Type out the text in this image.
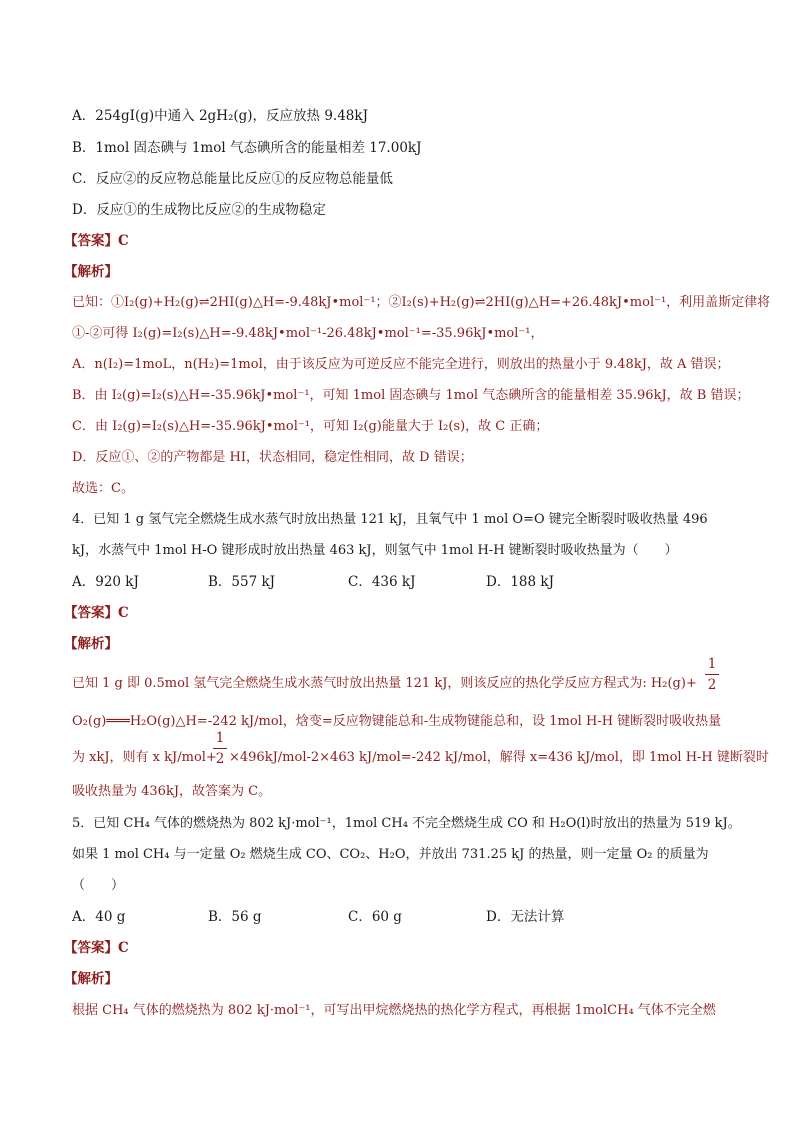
A．254gI(g)中通入 2gH₂(g)，反应放热 9.48kJ
B．1mol 固态碘与 1mol 气态碘所含的能量相差 17.00kJ
C．反应②的反应物总能量比反应①的反应物总能量低
D．反应①的生成物比反应②的生成物稳定
【答案】C
【解析】
已知：①I₂(g)+H₂(g)⇌2HI(g)△H=-9.48kJ•mol⁻¹；②I₂(s)+H₂(g)⇌2HI(g)△H=+26.48kJ•mol⁻¹，利用盖斯定律将
①-②可得 I₂(g)=I₂(s)△H=-9.48kJ•mol⁻¹-26.48kJ•mol⁻¹=-35.96kJ•mol⁻¹，
A．n(I₂)=1moL，n(H₂)=1mol，由于该反应为可逆反应不能完全进行，则放出的热量小于 9.48kJ，故 A 错误；
B．由 I₂(g)=I₂(s)△H=-35.96kJ•mol⁻¹，可知 1mol 固态碘与 1mol 气态碘所含的能量相差 35.96kJ，故 B 错误；
C．由 I₂(g)=I₂(s)△H=-35.96kJ•mol⁻¹，可知 I₂(g)能量大于 I₂(s)，故 C 正确；
D．反应①、②的产物都是 HI，状态相同，稳定性相同，故 D 错误；
故选：C。
4．已知 1 g 氢气完全燃烧生成水蒸气时放出热量 121 kJ，且氧气中 1 mol O=O 键完全断裂时吸收热量 496
kJ，水蒸气中 1mol H-O 键形成时放出热量 463 kJ，则氢气中 1mol H-H 键断裂时吸收热量为（　　）
A．920 kJ	B．557 kJ	C．436 kJ	D．188 kJ
【答案】C
【解析】
已知 1 g 即 0.5mol 氢气完全燃烧生成水蒸气时放出热量 121 kJ，则该反应的热化学反应方程式为: H₂(g)+
1
2
O₂(g)═══H₂O(g)△H=-242 kJ/mol，焓变=反应物键能总和-生成物键能总和，设 1mol H-H 键断裂时吸收热量
为 xkJ，则有 x kJ/mol+
1
2 ×496kJ/mol-2×463 kJ/mol=-242 kJ/mol，解得 x=436 kJ/mol，即 1mol H-H 键断裂时
吸收热量为 436kJ，故答案为 C。
5．已知 CH₄ 气体的燃烧热为 802 kJ·mol⁻¹，1mol CH₄ 不完全燃烧生成 CO 和 H₂O(l)时放出的热量为 519 kJ。
如果 1 mol CH₄ 与一定量 O₂ 燃烧生成 CO、CO₂、H₂O，并放出 731.25 kJ 的热量，则一定量 O₂ 的质量为
（　　）
A．40 g	B．56 g	C．60 g	D．无法计算
【答案】C
【解析】
根据 CH₄ 气体的燃烧热为 802 kJ·mol⁻¹，可写出甲烷燃烧热的热化学方程式，再根据 1molCH₄ 气体不完全燃
